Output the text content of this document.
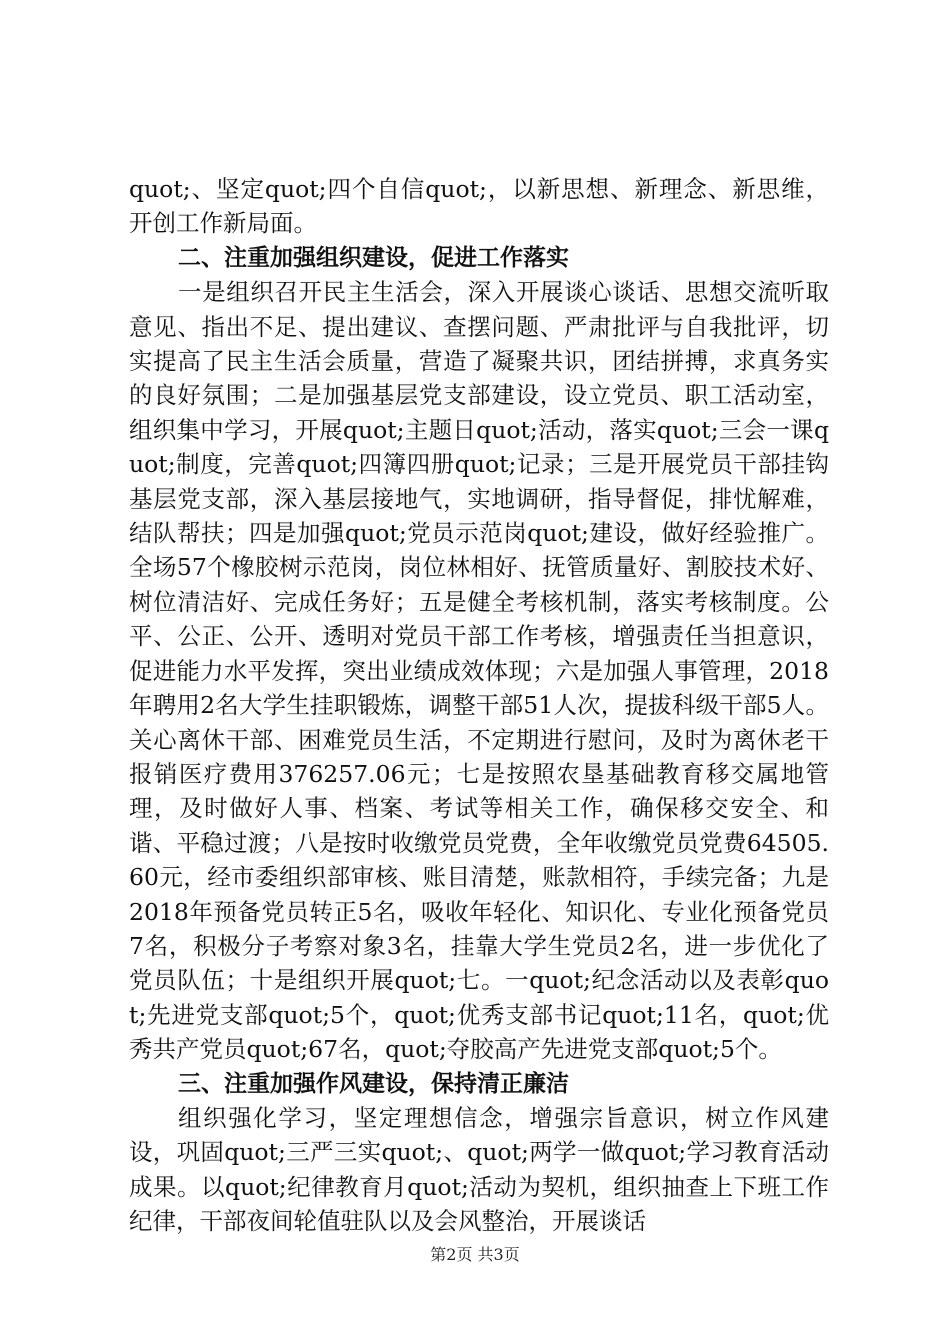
quot;、坚定quot;四个自信quot;，以新思想、新理念、新思维，开创工作新局面。

二、注重加强组织建设，促进工作落实

一是组织召开民主生活会，深入开展谈心谈话、思想交流听取意见、指出不足、提出建议、查摆问题、严肃批评与自我批评，切实提高了民主生活会质量，营造了凝聚共识，团结拼搏，求真务实的良好氛围；二是加强基层党支部建设，设立党员、职工活动室，组织集中学习，开展quot;主题日quot;活动，落实quot;三会一课quot;制度，完善quot;四簿四册quot;记录；三是开展党员干部挂钩基层党支部，深入基层接地气，实地调研，指导督促，排忧解难，结队帮扶；四是加强quot;党员示范岗quot;建设，做好经验推广。全场57个橡胶树示范岗，岗位林相好、抚管质量好、割胶技术好、树位清洁好、完成任务好；五是健全考核机制，落实考核制度。公平、公正、公开、透明对党员干部工作考核，增强责任当担意识，促进能力水平发挥，突出业绩成效体现；六是加强人事管理，2018年聘用2名大学生挂职锻炼，调整干部51人次，提拔科级干部5人。关心离休干部、困难党员生活，不定期进行慰问，及时为离休老干报销医疗费用376257.06元；七是按照农垦基础教育移交属地管理，及时做好人事、档案、考试等相关工作，确保移交安全、和谐、平稳过渡；八是按时收缴党员党费，全年收缴党员党费64505.60元，经市委组织部审核、账目清楚，账款相符，手续完备；九是2018年预备党员转正5名，吸收年轻化、知识化、专业化预备党员7名，积极分子考察对象3名，挂靠大学生党员2名，进一步优化了党员队伍；十是组织开展quot;七。一quot;纪念活动以及表彰quot;先进党支部quot;5个，quot;优秀支部书记quot;11名，quot;优秀共产党员quot;67名，quot;夺胶高产先进党支部quot;5个。

三、注重加强作风建设，保持清正廉洁

组织强化学习，坚定理想信念，增强宗旨意识，树立作风建设，巩固quot;三严三实quot;、quot;两学一做quot;学习教育活动成果。以quot;纪律教育月quot;活动为契机，组织抽查上下班工作纪律，干部夜间轮值驻队以及会风整治，开展谈话

第2页 共3页
